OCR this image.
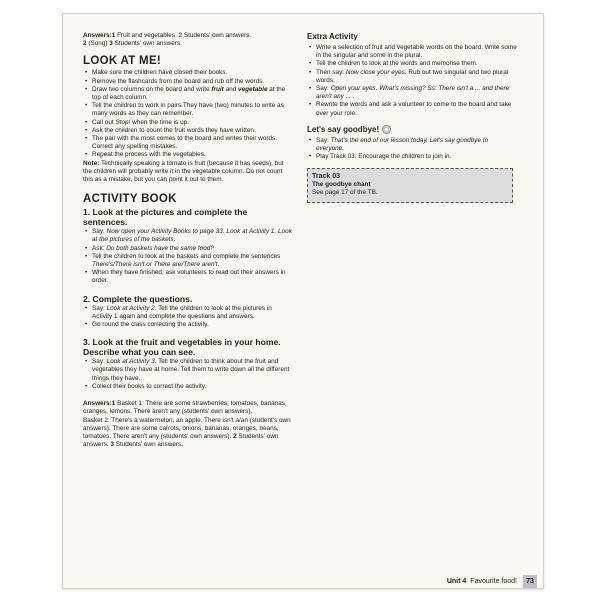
Answers:1 Fruit and vegetables. 2 Students' own answers.
2 (Song) 3 Students' own answers.

LOOK AT ME!
• Make sure the children have closed their books.
• Remove the flashcards from the board and rub off the words.
• Draw two columns on the board and write fruit and vegetable at the top of each column.
• Tell the children to work in pairs.They have (two) minutes to write as many words as they can remember.
• Call out Stop! when the time is up.
• Ask the children to count the fruit words they have written.
• The pair with the most comes to the board and writes their words. Correct any spelling mistakes.
• Repeat the process with the vegetables.

Note: Technically speaking a tomato is fruit (because it has seeds), but the children will probably write it in the vegetable column. Do not count this as a mistake, but you can point it out to them.

ACTIVITY BOOK
1. Look at the pictures and complete the sentences.
• Say: Now open your Activity Books to page 33. Look at Activity 1. Look at the pictures of the baskets.
• Ask: Do both baskets have the same food?
• Tell the children to look at the baskets and complete the sentences There's/There isn't or There are/There aren't.
• When they have finished, ask volunteers to read out their answers in order.
2. Complete the questions.
• Say: Look at Activity 2. Tell the children to look at the pictures in Activity 1 again and complete the questions and answers.
• Go round the class correcting the activity.
3. Look at the fruit and vegetables in your home. Describe what you can see.
• Say: Look at Activity 3. Tell the children to think about the fruit and vegetables they have at home. Tell them to write down all the different things they have.
• Collect their books to correct the activity.

Answers:1 Basket 1: There are some strawberries, tomatoes, bananas, oranges, lemons. There aren't any (students' own answers).
Basket 2: There's a watermelon, an apple. There isn't a/an (student's own answers). There are some carrots, onions, bananas, oranges, beans, tomatoes. There aren't any (students' own answers). 2 Students' own answers. 3 Students' own answers.

Extra Activity
• Write a selection of fruit and vegetable words on the board. Write some in the singular and some in the plural.
• Tell the children to look at the words and memorise them.
• Then say: Now close your eyes. Rub out two singular and two plural words.
• Say: Open your eyes. What's missing? Ss: There isn't a ... and there aren't any ... .
• Rewrite the words and ask a volunteer to come to the board and take over your role.
Let's say goodbye!
• Say: That's the end of our lesson today. Let's say goodbye to everyone.
• Play Track 03. Encourage the children to join in.
Track 03
The goodbye chant

See page 17 of the TB.

Unit 4 Favourite food!	73
